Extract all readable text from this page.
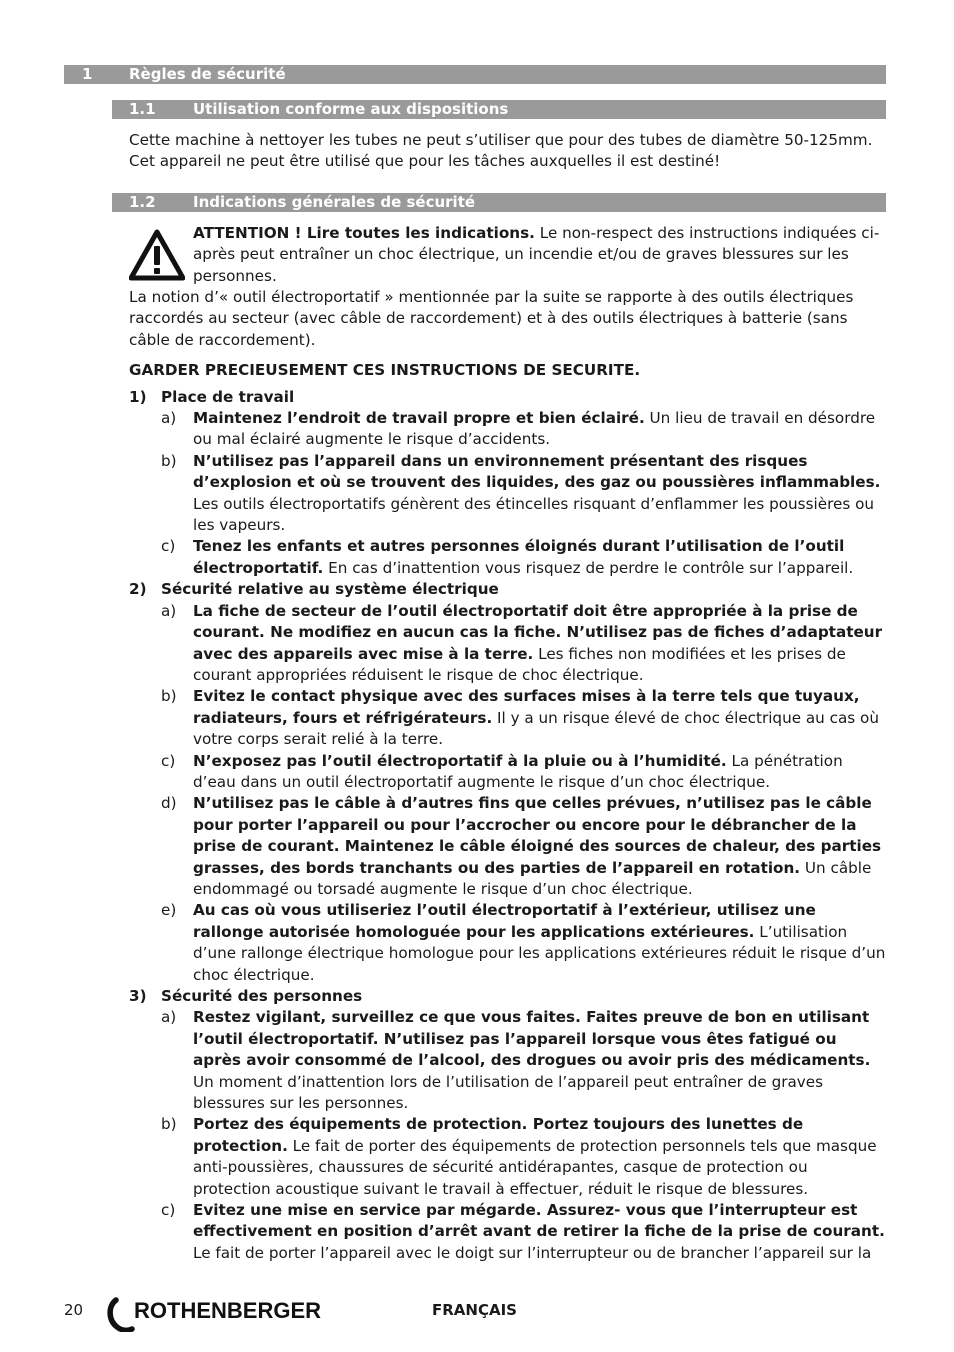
1 Règles de sécurité
1.1 Utilisation conforme aux dispositions

Cette machine à nettoyer les tubes ne peut s’utiliser que pour des tubes de diamètre 50-125mm. Cet appareil ne peut être utilisé que pour les tâches auxquelles il est destiné!

1.2 Indications générales de sécurité

ATTENTION ! Lire toutes les indications. Le non-respect des instructions indiquées ci-après peut entraîner un choc électrique, un incendie et/ou de graves blessures sur les personnes.

La notion d’« outil électroportatif » mentionnée par la suite se rapporte à des outils électriques raccordés au secteur (avec câble de raccordement) et à des outils électriques à batterie (sans câble de raccordement).

GARDER PRECIEUSEMENT CES INSTRUCTIONS DE SECURITE.

1) Place de travail
a) Maintenez l’endroit de travail propre et bien éclairé. Un lieu de travail en désordre ou mal éclairé augmente le risque d’accidents.

b) N’utilisez pas l’appareil dans un environnement présentant des risques d’explosion et où se trouvent des liquides, des gaz ou poussières inflammables. Les outils électroportatifs génèrent des étincelles risquant d’enflammer les poussières ou les vapeurs.

c) Tenez les enfants et autres personnes éloignés durant l’utilisation de l’outil électroportatif. En cas d’inattention vous risquez de perdre le contrôle sur l’appareil.

2) Sécurité relative au système électrique
a) La fiche de secteur de l’outil électroportatif doit être appropriée à la prise de courant. Ne modifiez en aucun cas la fiche. N’utilisez pas de fiches d’adaptateur avec des appareils avec mise à la terre. Les fiches non modifiées et les prises de courant appropriées réduisent le risque de choc électrique.

b) Evitez le contact physique avec des surfaces mises à la terre tels que tuyaux, radiateurs, fours et réfrigérateurs. Il y a un risque élevé de choc électrique au cas où votre corps serait relié à la terre.

c) N’exposez pas l’outil électroportatif à la pluie ou à l’humidité. La pénétration d’eau dans un outil électroportatif augmente le risque d’un choc électrique.

d) N’utilisez pas le câble à d’autres fins que celles prévues, n’utilisez pas le câble pour porter l’appareil ou pour l’accrocher ou encore pour le débrancher de la prise de courant. Maintenez le câble éloigné des sources de chaleur, des parties grasses, des bords tranchants ou des parties de l’appareil en rotation. Un câble endommagé ou torsadé augmente le risque d’un choc électrique.

e) Au cas où vous utiliseriez l’outil électroportatif à l’extérieur, utilisez une rallonge autorisée homologuée pour les applications extérieures. L’utilisation d’une rallonge électrique homologue pour les applications extérieures réduit le risque d’un choc électrique.

3) Sécurité des personnes
a) Restez vigilant, surveillez ce que vous faites. Faites preuve de bon en utilisant l’outil électroportatif. N’utilisez pas l’appareil lorsque vous êtes fatigué ou après avoir consommé de l’alcool, des drogues ou avoir pris des médicaments. Un moment d’inattention lors de l’utilisation de l’appareil peut entraîner de graves blessures sur les personnes.

b) Portez des équipements de protection. Portez toujours des lunettes de protection. Le fait de porter des équipements de protection personnels tels que masque anti-poussières, chaussures de sécurité antidérapantes, casque de protection ou protection acoustique suivant le travail à effectuer, réduit le risque de blessures.

c) Evitez une mise en service par mégarde. Assurez- vous que l’interrupteur est effectivement en position d’arrêt avant de retirer la fiche de la prise de courant. Le fait de porter l’appareil avec le doigt sur l’interrupteur ou de brancher l’appareil sur la

20 ROTHENBERGER	FRANÇAIS
